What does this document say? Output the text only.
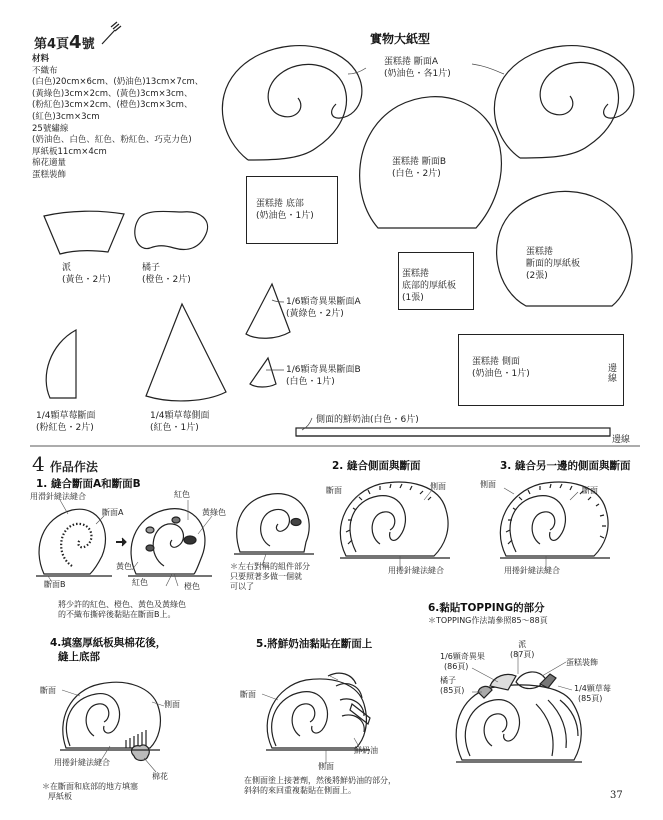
第4頁4號
材料
不織布
(白色)20cm×6cm、(奶油色)13cm×7cm、
(黃綠色)3cm×2cm、(黃色)3cm×3cm、
(粉紅色)3cm×2cm、(橙色)3cm×3cm、
(紅色)3cm×3cm
25號繡線
(奶油色、白色、紅色、粉紅色、巧克力色)
厚紙板11cm×4cm
棉花適量
蛋糕裝飾
實物大紙型
蛋糕捲 斷面A
(奶油色・各1片)
蛋糕捲 斷面B
(白色・2片)
蛋糕捲 底部
(奶油色・1片)
蛋糕捲
底部的厚紙板
(1張)
蛋糕捲
斷面的厚紙板
(2張)
蛋糕捲 側面
(奶油色・1片)	邊線
派
(黃色・2片)
橘子
(橙色・2片)
1/6顆奇異果斷面A
(黃綠色・2片)
1/6顆奇異果斷面B
(白色・1片)
1/4顆草莓斷面
(粉紅色・2片)
1/4顆草莓側面
(紅色・1片)
側面的鮮奶油(白色・6片)
邊線
4 作品作法
1. 縫合斷面A和斷面B
用滑針縫法縫合
斷面A
紅色
黃綠色
黃色
斷面B	紅色	橙色
將少許的紅色、橙色、黃色及黃綠色
的不織布撕碎後黏貼在斷面B上。
＊左右對稱的組件部分
只要照著多做一個就
可以了
2. 縫合側面與斷面
斷面	側面
用捲針縫法縫合
3. 縫合另一邊的側面與斷面
側面
斷面
用捲針縫法縫合
4.填塞厚紙板與棉花後，
縫上底部
斷面
側面
用捲針縫法縫合
棉花
＊在斷面和底部的地方填塞
厚紙板
5.將鮮奶油黏貼在斷面上
斷面
鮮奶油
側面
在側面塗上接著劑，然後將鮮奶油的部分，
斜斜的來回重複黏貼在側面上。
6.黏貼TOPPING的部分
＊TOPPING作法請參照85～88頁
派
(87頁)
1/6顆奇異果
(86頁)
橘子
(85頁)
蛋糕裝飾
1/4顆草莓
(85頁)
37
